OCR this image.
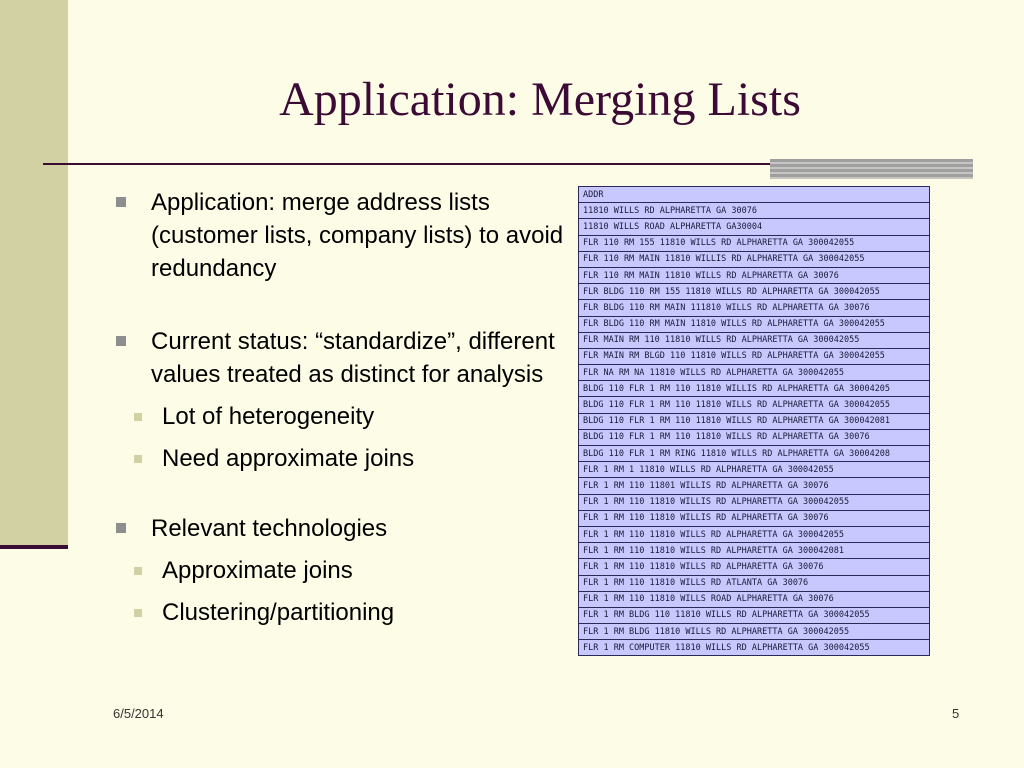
Application: Merging Lists
Application: merge address lists (customer lists, company lists) to avoid redundancy
Current status: “standardize”, different values treated as distinct for analysis
Lot of heterogeneity
Need approximate joins
Relevant technologies
Approximate joins
Clustering/partitioning
ADDR
11810 WILLS RD ALPHARETTA GA 30076
11810 WILLS ROAD ALPHARETTA GA30004
FLR 110 RM 155 11810 WILLS RD ALPHARETTA GA 300042055
FLR 110 RM MAIN 11810 WILLIS RD ALPHARETTA GA 300042055
FLR 110 RM MAIN 11810 WILLS RD ALPHARETTA GA 30076
FLR BLDG 110 RM 155 11810 WILLS RD ALPHARETTA GA 300042055
FLR BLDG 110 RM MAIN 111810 WILLS RD ALPHARETTA GA 30076
FLR BLDG 110 RM MAIN 11810 WILLS RD ALPHARETTA GA 300042055
FLR MAIN RM 110 11810 WILLS RD ALPHARETTA GA 300042055
FLR MAIN RM BLGD 110 11810 WILLS RD ALPHARETTA GA 300042055
FLR NA RM NA 11810 WILLS RD ALPHARETTA GA 300042055
BLDG 110 FLR 1 RM 110 11810 WILLIS RD ALPHARETTA GA 30004205
BLDG 110 FLR 1 RM 110 11810 WILLS RD ALPHARETTA GA 300042055
BLDG 110 FLR 1 RM 110 11810 WILLS RD ALPHARETTA GA 300042081
BLDG 110 FLR 1 RM 110 11810 WILLS RD ALPHARETTA GA 30076
BLDG 110 FLR 1 RM RING 11810 WILLS RD ALPHARETTA GA 30004208
FLR 1 RM 1 11810 WILLS RD ALPHARETTA GA 300042055
FLR 1 RM 110 11801 WILLIS RD ALPHARETTA GA 30076
FLR 1 RM 110 11810 WILLIS RD ALPHARETTA GA 300042055
FLR 1 RM 110 11810 WILLIS RD ALPHARETTA GA 30076
FLR 1 RM 110 11810 WILLS RD ALPHARETTA GA 300042055
FLR 1 RM 110 11810 WILLS RD ALPHARETTA GA 300042081
FLR 1 RM 110 11810 WILLS RD ALPHARETTA GA 30076
FLR 1 RM 110 11810 WILLS RD ATLANTA GA 30076
FLR 1 RM 110 11810 WILLS ROAD ALPHARETTA GA 30076
FLR 1 RM BLDG 110 11810 WILLS RD ALPHARETTA GA 300042055
FLR 1 RM BLDG 11810 WILLS RD ALPHARETTA GA 300042055
FLR 1 RM COMPUTER 11810 WILLS RD ALPHARETTA GA 300042055
6/5/2014	5
